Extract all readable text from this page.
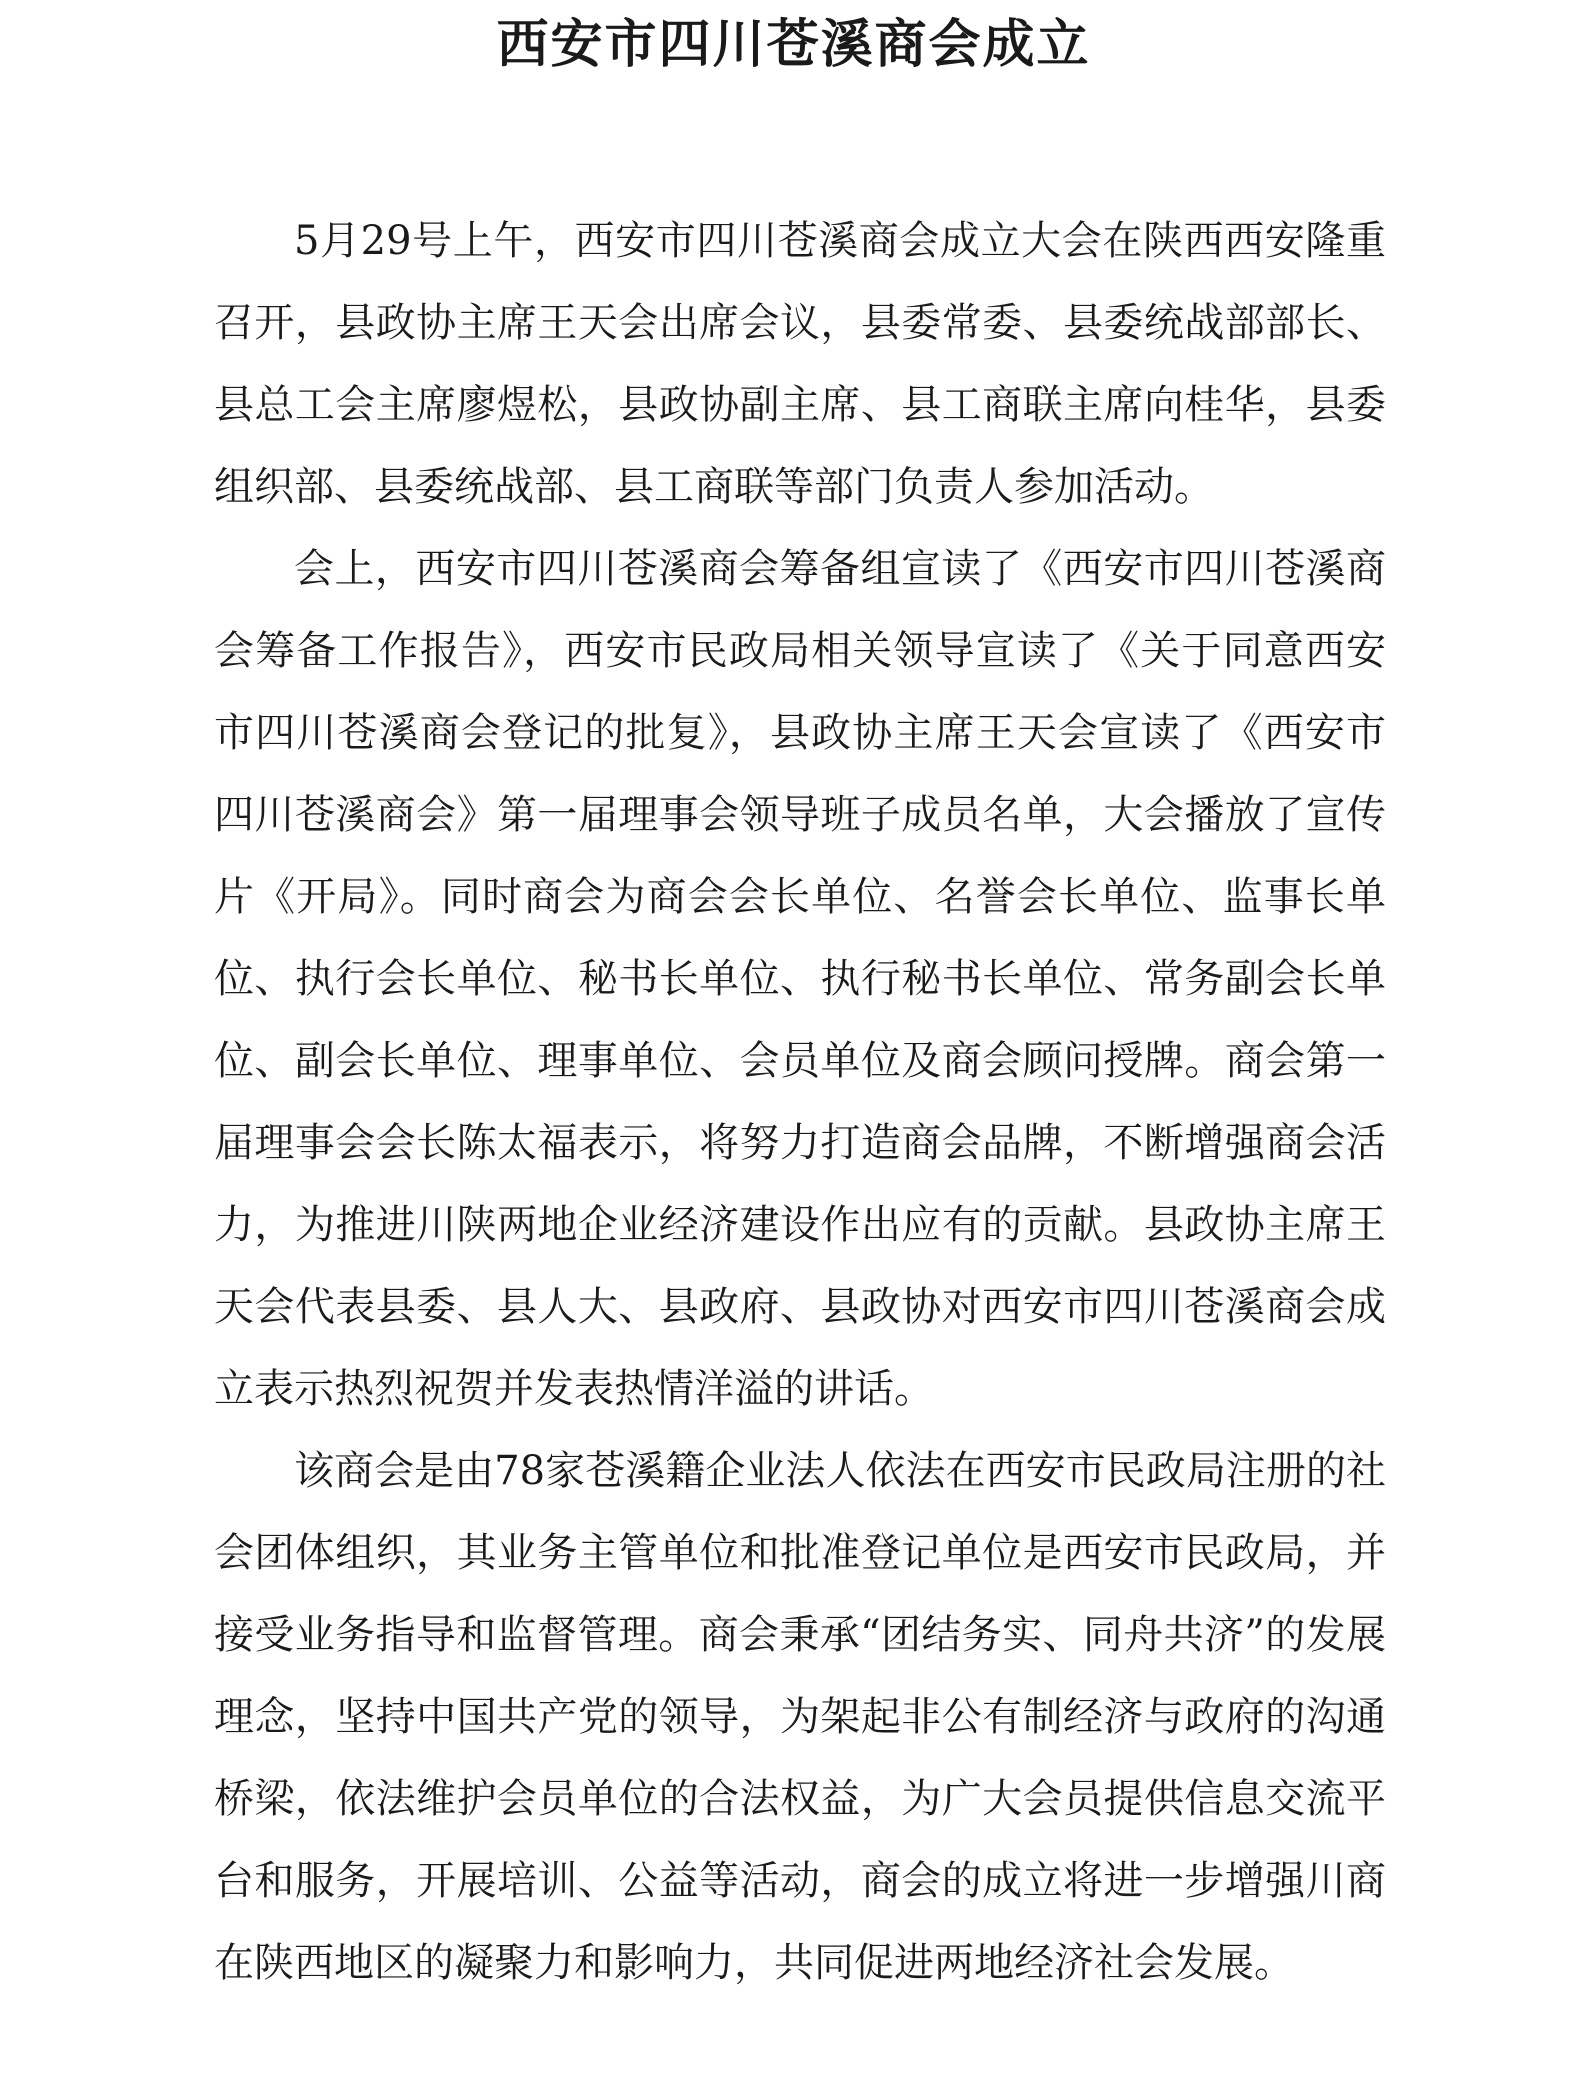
西安市四川苍溪商会成立

5月29号上午，西安市四川苍溪商会成立大会在陕西西安隆重召开，县政协主席王天会出席会议，县委常委、县委统战部部长、县总工会主席廖煜松，县政协副主席、县工商联主席向桂华，县委组织部、县委统战部、县工商联等部门负责人参加活动。

会上，西安市四川苍溪商会筹备组宣读了《西安市四川苍溪商会筹备工作报告》，西安市民政局相关领导宣读了《关于同意西安市四川苍溪商会登记的批复》，县政协主席王天会宣读了《西安市四川苍溪商会》第一届理事会领导班子成员名单，大会播放了宣传片《开局》。同时商会为商会会长单位、名誉会长单位、监事长单位、执行会长单位、秘书长单位、执行秘书长单位、常务副会长单位、副会长单位、理事单位、会员单位及商会顾问授牌。商会第一届理事会会长陈太福表示，将努力打造商会品牌，不断增强商会活力，为推进川陕两地企业经济建设作出应有的贡献。县政协主席王天会代表县委、县人大、县政府、县政协对西安市四川苍溪商会成立表示热烈祝贺并发表热情洋溢的讲话。

该商会是由78家苍溪籍企业法人依法在西安市民政局注册的社会团体组织，其业务主管单位和批准登记单位是西安市民政局，并接受业务指导和监督管理。商会秉承“团结务实、同舟共济”的发展理念，坚持中国共产党的领导，为架起非公有制经济与政府的沟通桥梁，依法维护会员单位的合法权益，为广大会员提供信息交流平台和服务，开展培训、公益等活动，商会的成立将进一步增强川商在陕西地区的凝聚力和影响力，共同促进两地经济社会发展。
